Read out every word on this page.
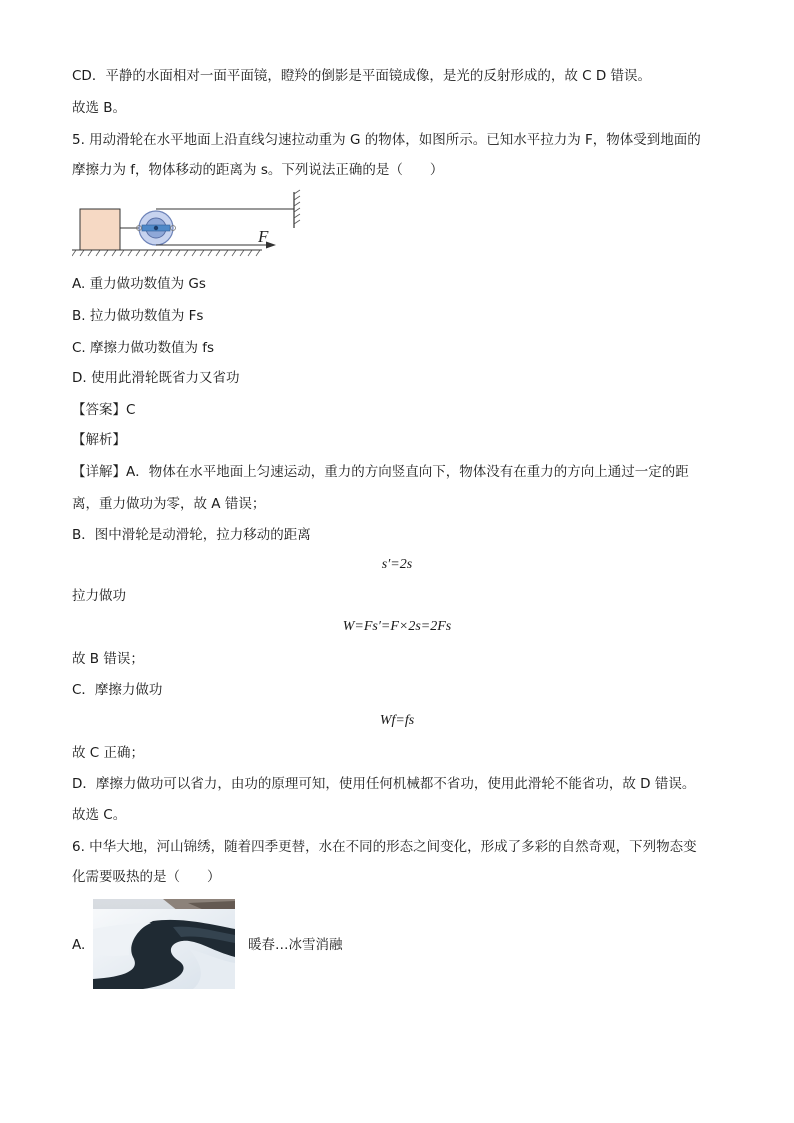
CD．平静的水面相对一面平面镜，瞪羚的倒影是平面镜成像，是光的反射形成的，故 C D 错误。
故选 B。
5. 用动滑轮在水平地面上沿直线匀速拉动重为 G 的物体，如图所示。已知水平拉力为 F，物体受到地面的
摩擦力为 f，物体移动的距离为 s。下列说法正确的是（　　）
F
A. 重力做功数值为 Gs
B. 拉力做功数值为 Fs
C. 摩擦力做功数值为 fs
D. 使用此滑轮既省力又省功
【答案】C
【解析】
【详解】A．物体在水平地面上匀速运动，重力的方向竖直向下，物体没有在重力的方向上通过一定的距
离，重力做功为零，故 A 错误；
B．图中滑轮是动滑轮，拉力移动的距离
s′=2s
拉力做功
W=Fs′=F×2s=2Fs
故 B 错误；
C．摩擦力做功
Wf=fs
故 C 正确；
D．摩擦力做功可以省力，由功的原理可知，使用任何机械都不省功，使用此滑轮不能省功，故 D 错误。
故选 C。
6. 中华大地，河山锦绣，随着四季更替，水在不同的形态之间变化，形成了多彩的自然奇观，下列物态变
化需要吸热的是（　　）
A.	暖春…冰雪消融
